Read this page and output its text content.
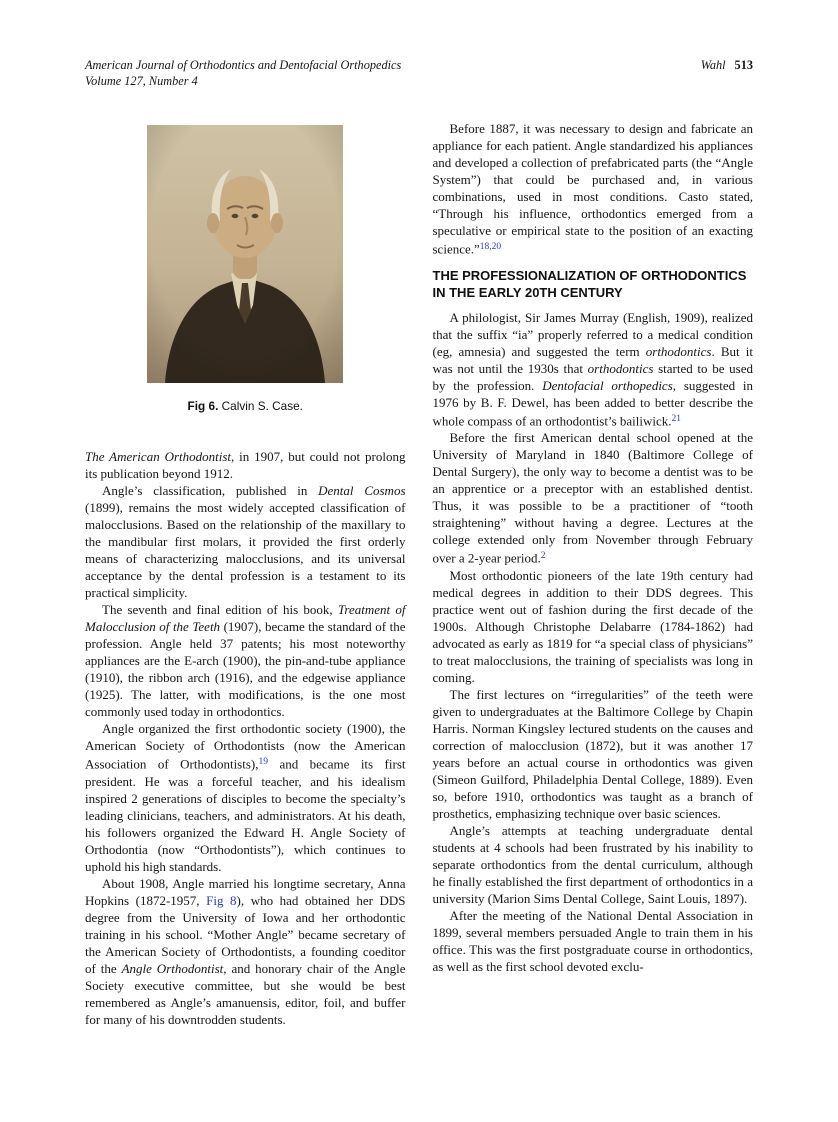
American Journal of Orthodontics and Dentofacial Orthopedics
Volume 127, Number 4
Wahl 513
Fig 6. Calvin S. Case.

The American Orthodontist, in 1907, but could not prolong its publication beyond 1912.

Angle’s classification, published in Dental Cosmos (1899), remains the most widely accepted classification of malocclusions. Based on the relationship of the maxillary to the mandibular first molars, it provided the first orderly means of characterizing malocclusions, and its universal acceptance by the dental profession is a testament to its practical simplicity.

The seventh and final edition of his book, Treatment of Malocclusion of the Teeth (1907), became the standard of the profession. Angle held 37 patents; his most noteworthy appliances are the E-arch (1900), the pin-and-tube appliance (1910), the ribbon arch (1916), and the edgewise appliance (1925). The latter, with modifications, is the one most commonly used today in orthodontics.

Angle organized the first orthodontic society (1900), the American Society of Orthodontists (now the American Association of Orthodontists),$^{19}$ and became its first president. He was a forceful teacher, and his idealism inspired 2 generations of disciples to become the specialty’s leading clinicians, teachers, and administrators. At his death, his followers organized the Edward H. Angle Society of Orthodontia (now “Orthodontists”), which continues to uphold his high standards.

About 1908, Angle married his longtime secretary, Anna Hopkins (1872-1957, Fig 8), who had obtained her DDS degree from the University of Iowa and her orthodontic training in his school. “Mother Angle” became secretary of the American Society of Orthodontists, a founding coeditor of the Angle Orthodontist, and honorary chair of the Angle Society executive committee, but she would be best remembered as Angle’s amanuensis, editor, foil, and buffer for many of his downtrodden students.

Before 1887, it was necessary to design and fabricate an appliance for each patient. Angle standardized his appliances and developed a collection of prefabricated parts (the “Angle System”) that could be purchased and, in various combinations, used in most conditions. Casto stated, “Through his influence, orthodontics emerged from a speculative or empirical state to the position of an exacting science.”$^{18,20}$

THE PROFESSIONALIZATION OF ORTHODONTICS IN THE EARLY 20TH CENTURY

A philologist, Sir James Murray (English, 1909), realized that the suffix “ia” properly referred to a medical condition (eg, amnesia) and suggested the term orthodontics. But it was not until the 1930s that orthodontics started to be used by the profession. Dentofacial orthopedics, suggested in 1976 by B. F. Dewel, has been added to better describe the whole compass of an orthodontist’s bailiwick.$^{21}$

Before the first American dental school opened at the University of Maryland in 1840 (Baltimore College of Dental Surgery), the only way to become a dentist was to be an apprentice or a preceptor with an established dentist. Thus, it was possible to be a practitioner of “tooth straightening” without having a degree. Lectures at the college extended only from November through February over a 2-year period.$^2$

Most orthodontic pioneers of the late 19th century had medical degrees in addition to their DDS degrees. This practice went out of fashion during the first decade of the 1900s. Although Christophe Delabarre (1784-1862) had advocated as early as 1819 for “a special class of physicians” to treat malocclusions, the training of specialists was long in coming.

The first lectures on “irregularities” of the teeth were given to undergraduates at the Baltimore College by Chapin Harris. Norman Kingsley lectured students on the causes and correction of malocclusion (1872), but it was another 17 years before an actual course in orthodontics was given (Simeon Guilford, Philadelphia Dental College, 1889). Even so, before 1910, orthodontics was taught as a branch of prosthetics, emphasizing technique over basic sciences.

Angle’s attempts at teaching undergraduate dental students at 4 schools had been frustrated by his inability to separate orthodontics from the dental curriculum, although he finally established the first department of orthodontics in a university (Marion Sims Dental College, Saint Louis, 1897).

After the meeting of the National Dental Association in 1899, several members persuaded Angle to train them in his office. This was the first postgraduate course in orthodontics, as well as the first school devoted exclu-
